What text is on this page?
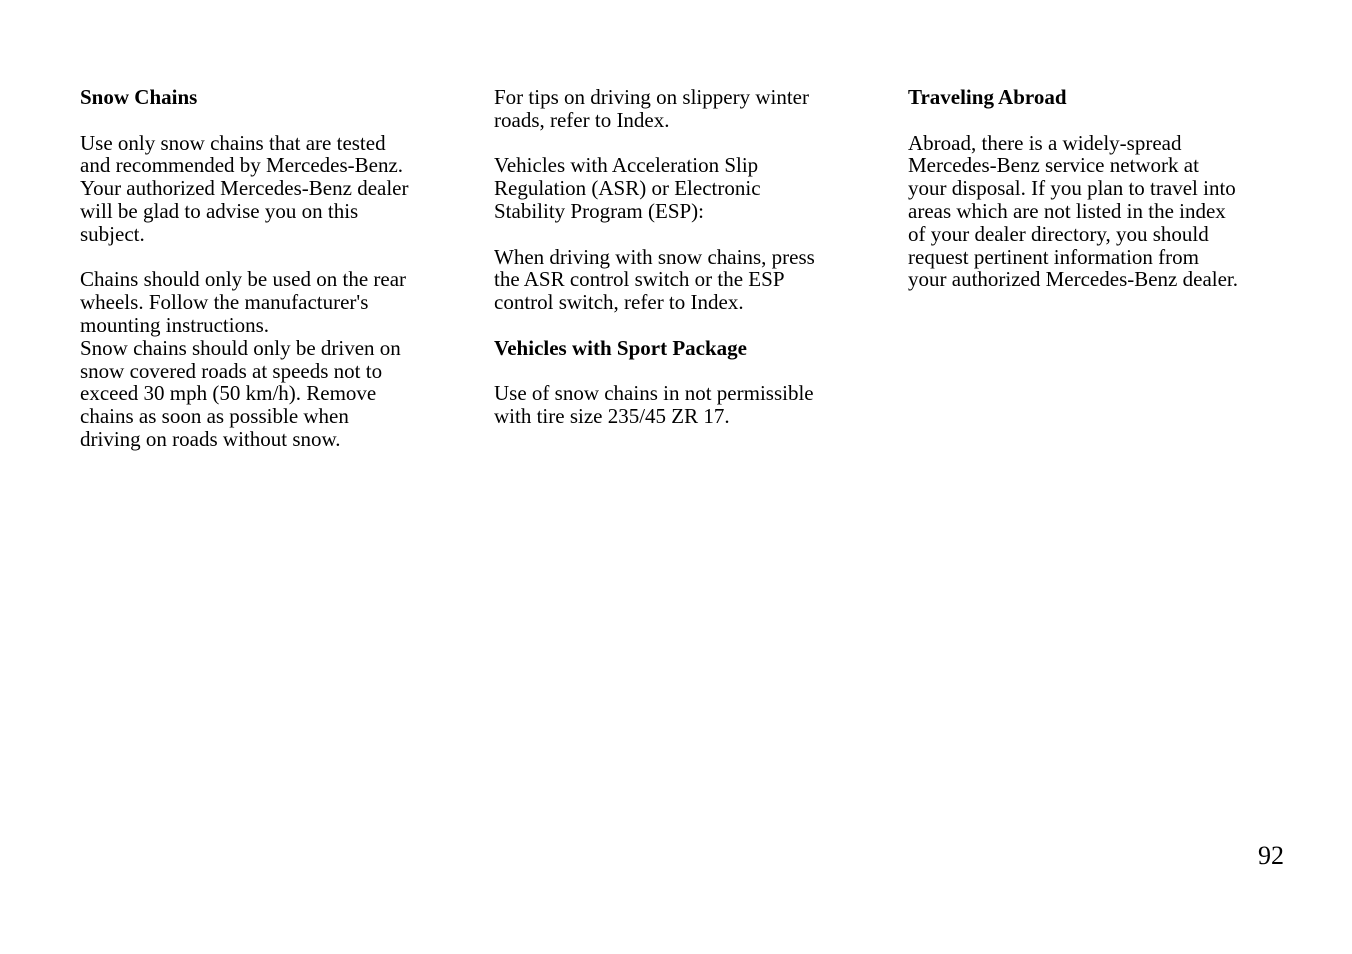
Snow Chains
Use only snow chains that are tested
and recommended by Mercedes-Benz.
Your authorized Mercedes-Benz dealer
will be glad to advise you on this
subject.
Chains should only be used on the rear
wheels. Follow the manufacturer's
mounting instructions.
Snow chains should only be driven on
snow covered roads at speeds not to
exceed 30 mph (50 km/h). Remove
chains as soon as possible when
driving on roads without snow.
For tips on driving on slippery winter
roads, refer to Index.
Vehicles with Acceleration Slip
Regulation (ASR) or Electronic
Stability Program (ESP):
When driving with snow chains, press
the ASR control switch or the ESP
control switch, refer to Index.
Vehicles with Sport Package
Use of snow chains in not permissible
with tire size 235/45 ZR 17.
Traveling Abroad
Abroad, there is a widely-spread
Mercedes-Benz service network at
your disposal. If you plan to travel into
areas which are not listed in the index
of your dealer directory, you should
request pertinent information from
your authorized Mercedes-Benz dealer.
92
